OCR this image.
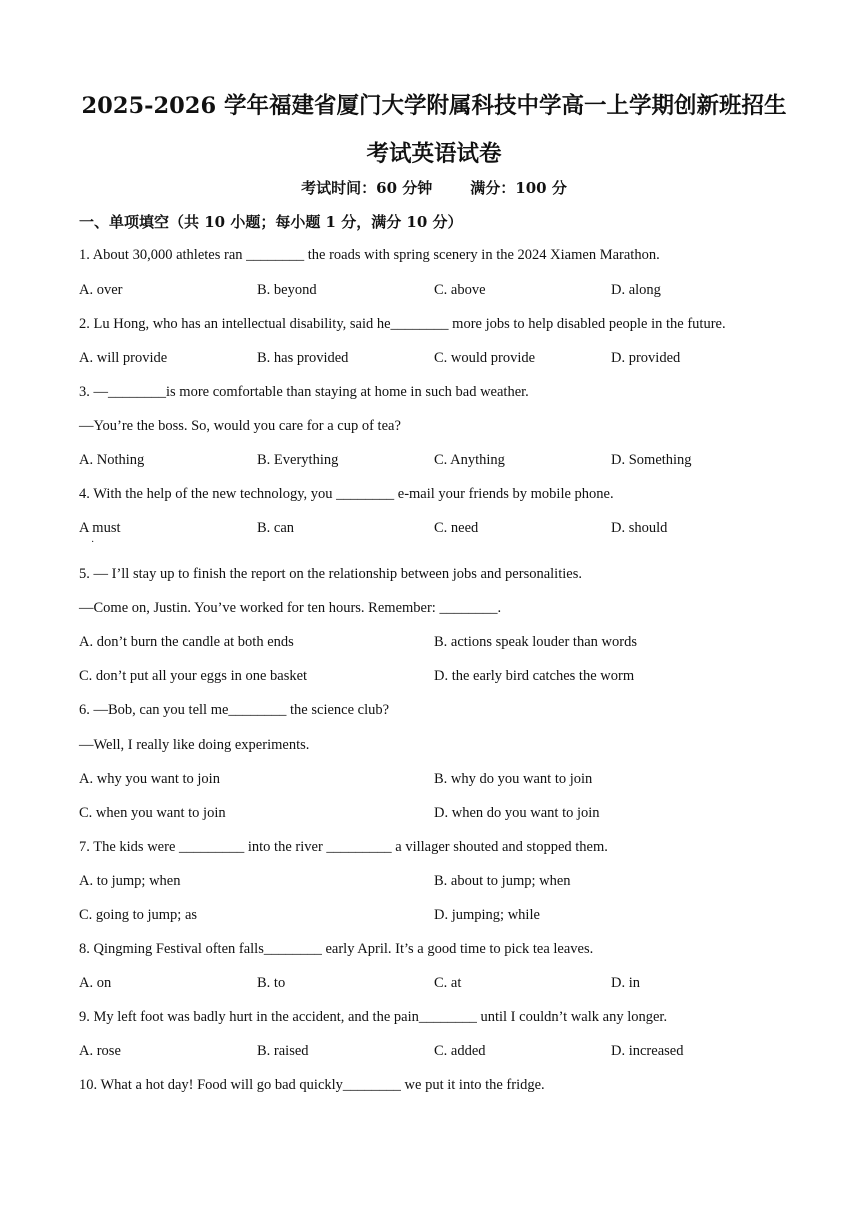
2025-2026 学年福建省厦门大学附属科技中学高一上学期创新班招生
考试英语试卷
考试时间：60 分钟	满分：100 分
一、单项填空（共 10 小题；每小题 1 分，满分 10 分）
1. About 30,000 athletes ran ________ the roads with spring scenery in the 2024 Xiamen Marathon.
A. over	B. beyond	C. above	D. along
2. Lu Hong, who has an intellectual disability, said he________ more jobs to help disabled people in the future.
A. will provide	B. has provided	C. would provide	D. provided
3. —________is more comfortable than staying at home in such bad weather.
—You’re the boss. So, would you care for a cup of tea?
A. Nothing	B. Everything	C. Anything	D. Something
4. With the help of the new technology, you ________ e-mail your friends by mobile phone.
A must	B. can	C. need	D. should
·
5. — I’ll stay up to finish the report on the relationship between jobs and personalities.
—Come on, Justin. You’ve worked for ten hours. Remember: ________.
A. don’t burn the candle at both ends	B. actions speak louder than words
C. don’t put all your eggs in one basket	D. the early bird catches the worm
6. —Bob, can you tell me________ the science club?
—Well, I really like doing experiments.
A. why you want to join	B. why do you want to join
C. when you want to join	D. when do you want to join
7. The kids were _________ into the river _________ a villager shouted and stopped them.
A. to jump; when	B. about to jump; when
C. going to jump; as	D. jumping; while
8. Qingming Festival often falls________ early April. It’s a good time to pick tea leaves.
A. on	B. to	C. at	D. in
9. My left foot was badly hurt in the accident, and the pain________ until I couldn’t walk any longer.
A. rose	B. raised	C. added	D. increased
10. What a hot day! Food will go bad quickly________ we put it into the fridge.
